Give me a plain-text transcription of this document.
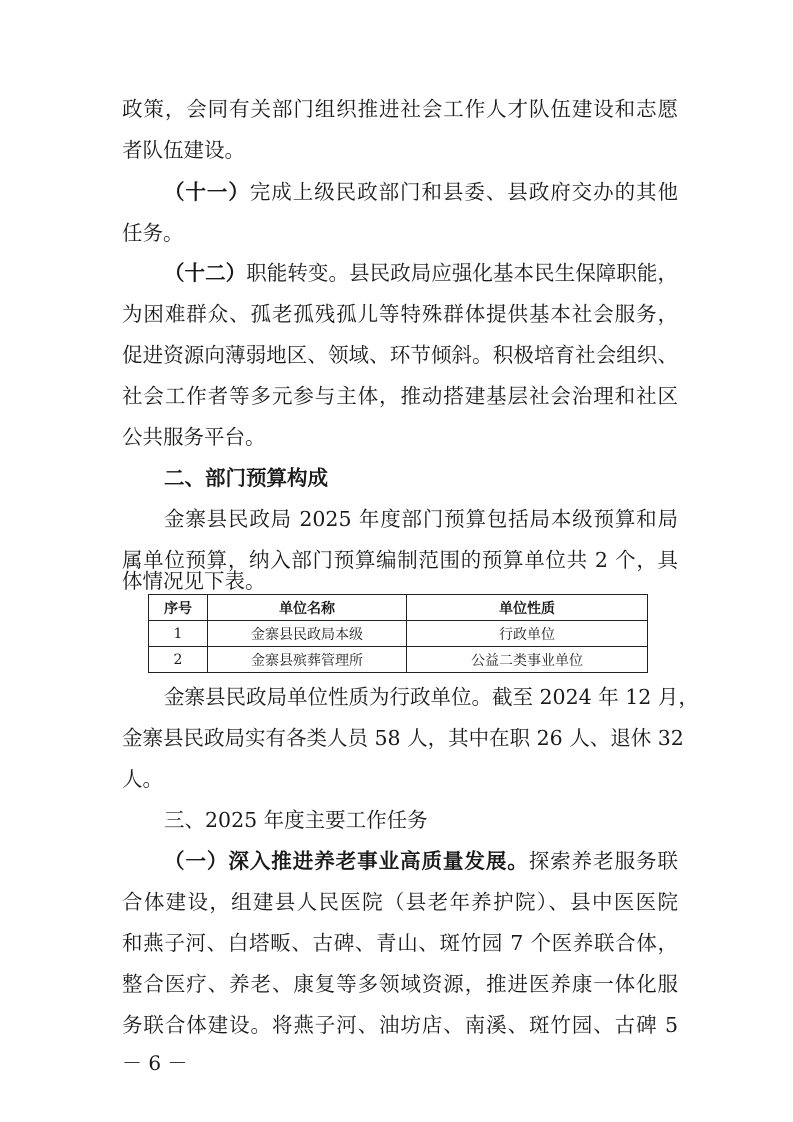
政策，会同有关部门组织推进社会工作人才队伍建设和志愿
者队伍建设。
（十一）完成上级民政部门和县委、县政府交办的其他
任务。
（十二）职能转变。县民政局应强化基本民生保障职能，
为困难群众、孤老孤残孤儿等特殊群体提供基本社会服务，
促进资源向薄弱地区、领域、环节倾斜。积极培育社会组织、
社会工作者等多元参与主体，推动搭建基层社会治理和社区
公共服务平台。
二、部门预算构成
金寨县民政局 2025 年度部门预算包括局本级预算和局
属单位预算，纳入部门预算编制范围的预算单位共 2 个，具
体情况见下表。
序号	单位名称	单位性质
1	金寨县民政局本级	行政单位
2	金寨县殡葬管理所	公益二类事业单位
金寨县民政局单位性质为行政单位。截至 2024 年 12 月，
金寨县民政局实有各类人员 58 人，其中在职 26 人、退休 32
人。
三、2025 年度主要工作任务
（一）深入推进养老事业高质量发展。探索养老服务联
合体建设，组建县人民医院（县老年养护院）、县中医医院
和燕子河、白塔畈、古碑、青山、斑竹园 7 个医养联合体，
整合医疗、养老、康复等多领域资源，推进医养康一体化服
务联合体建设。将燕子河、油坊店、南溪、斑竹园、古碑 5
－ 6 －
